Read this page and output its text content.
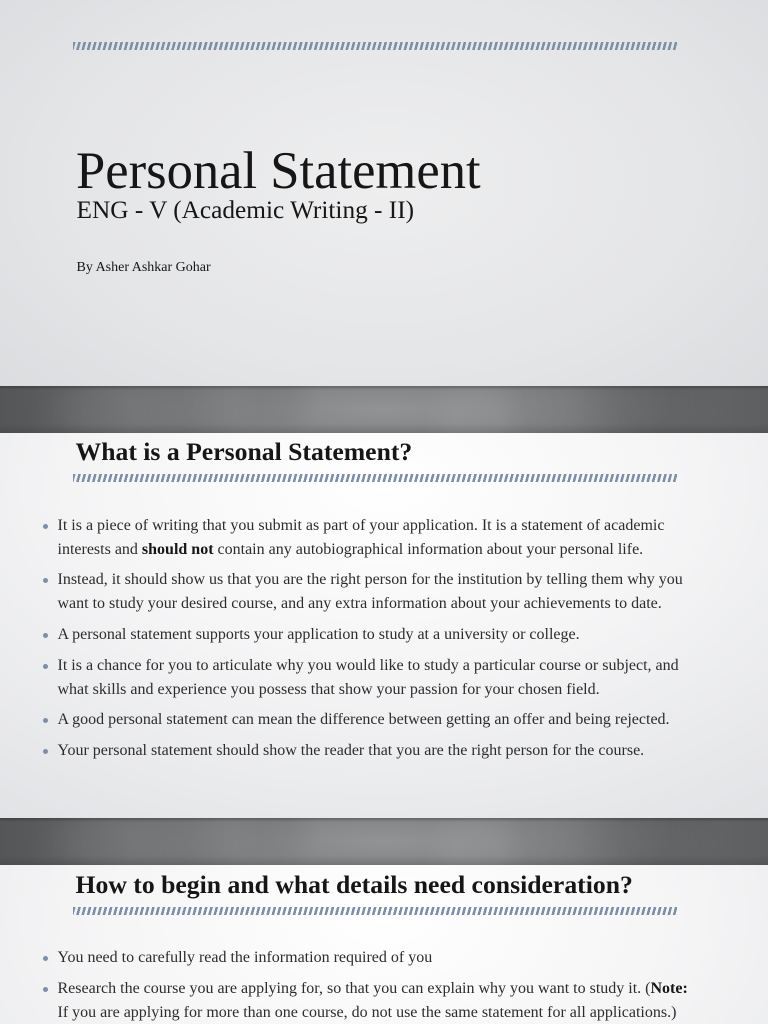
Personal Statement
ENG - V (Academic Writing - II)
By Asher Ashkar Gohar
What is a Personal Statement?
It is a piece of writing that you submit as part of your application. It is a statement of academic
interests and should not contain any autobiographical information about your personal life.
Instead, it should show us that you are the right person for the institution by telling them why you
want to study your desired course, and any extra information about your achievements to date.
A personal statement supports your application to study at a university or college.
It is a chance for you to articulate why you would like to study a particular course or subject, and
what skills and experience you possess that show your passion for your chosen field.
A good personal statement can mean the difference between getting an offer and being rejected.
Your personal statement should show the reader that you are the right person for the course.
How to begin and what details need consideration?
You need to carefully read the information required of you
Research the course you are applying for, so that you can explain why you want to study it. (Note:
If you are applying for more than one course, do not use the same statement for all applications.)
